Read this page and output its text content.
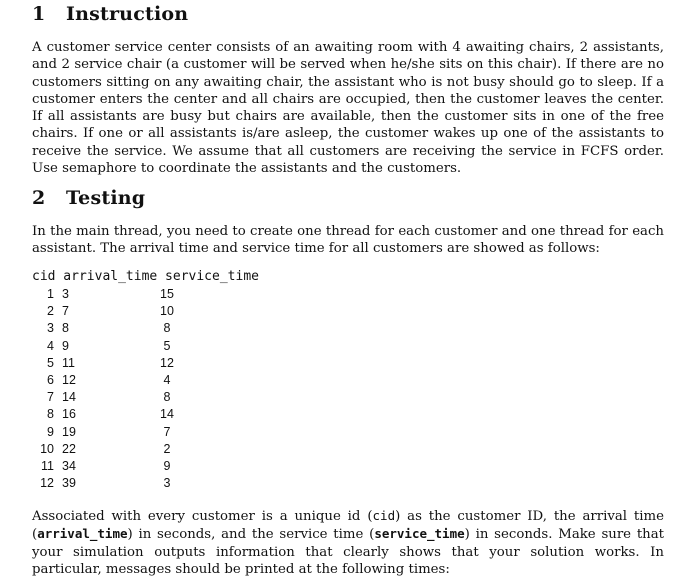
1 Instruction

A customer service center consists of an awaiting room with 4 awaiting chairs, 2 assistants, and 2 service chair (a customer will be served when he/she sits on this chair). If there are no customers sitting on any awaiting chair, the assistant who is not busy should go to sleep. If a customer enters the center and all chairs are occupied, then the customer leaves the center. If all assistants are busy but chairs are available, then the customer sits in one of the free chairs. If one or all assistants is/are asleep, the customer wakes up one of the assistants to receive the service. We assume that all customers are receiving the service in FCFS order. Use semaphore to coordinate the assistants and the customers.

2 Testing

In the main thread, you need to create one thread for each customer and one thread for each assistant. The arrival time and service time for all customers are showed as follows:

cid arrival_time service_time
1 3	15
2 7	10
3 8	8
4 9	5
5 11	12
6 12	4
7 14	8
8 16	14
9 19	7
10 22	2
11 34	9
12 39	3

Associated with every customer is a unique id (cid) as the customer ID, the arrival time (arrival_time) in seconds, and the service time (service_time) in seconds. Make sure that your simulation outputs information that clearly shows that your solution works. In particular, messages should be printed at the following times:
